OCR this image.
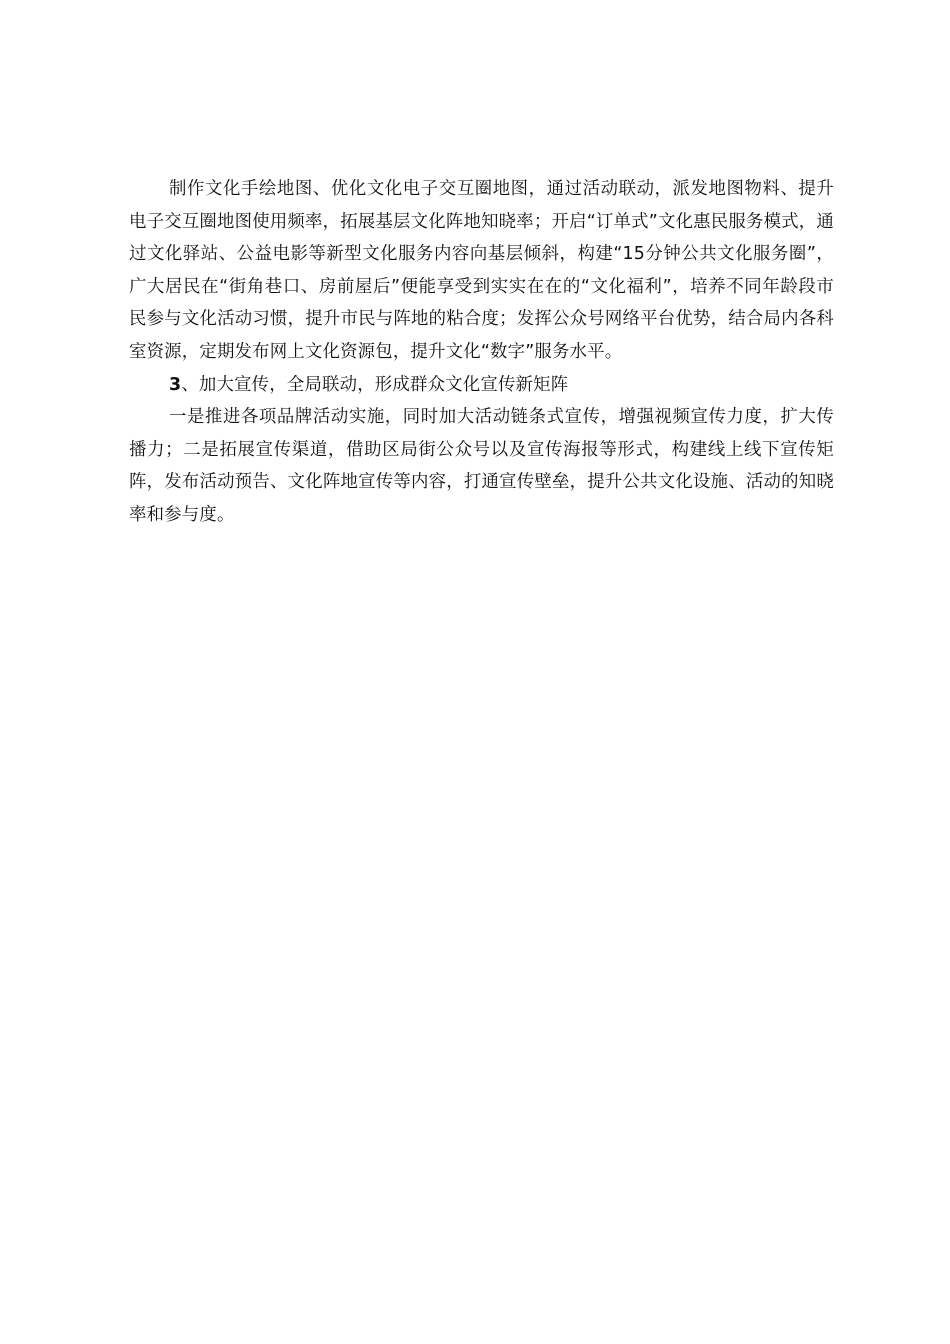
制作文化手绘地图、优化文化电子交互圈地图，通过活动联动，派发地图物料、提升电子交互圈地图使用频率，拓展基层文化阵地知晓率；开启“订单式”文化惠民服务模式，通过文化驿站、公益电影等新型文化服务内容向基层倾斜，构建“15分钟公共文化服务圈”，广大居民在“街角巷口、房前屋后”便能享受到实实在在的“文化福利”，培养不同年龄段市民参与文化活动习惯，提升市民与阵地的粘合度；发挥公众号网络平台优势，结合局内各科室资源，定期发布网上文化资源包，提升文化“数字”服务水平。

3、加大宣传，全局联动，形成群众文化宣传新矩阵

一是推进各项品牌活动实施，同时加大活动链条式宣传，增强视频宣传力度，扩大传播力；二是拓展宣传渠道，借助区局街公众号以及宣传海报等形式，构建线上线下宣传矩阵，发布活动预告、文化阵地宣传等内容，打通宣传壁垒，提升公共文化设施、活动的知晓率和参与度。
